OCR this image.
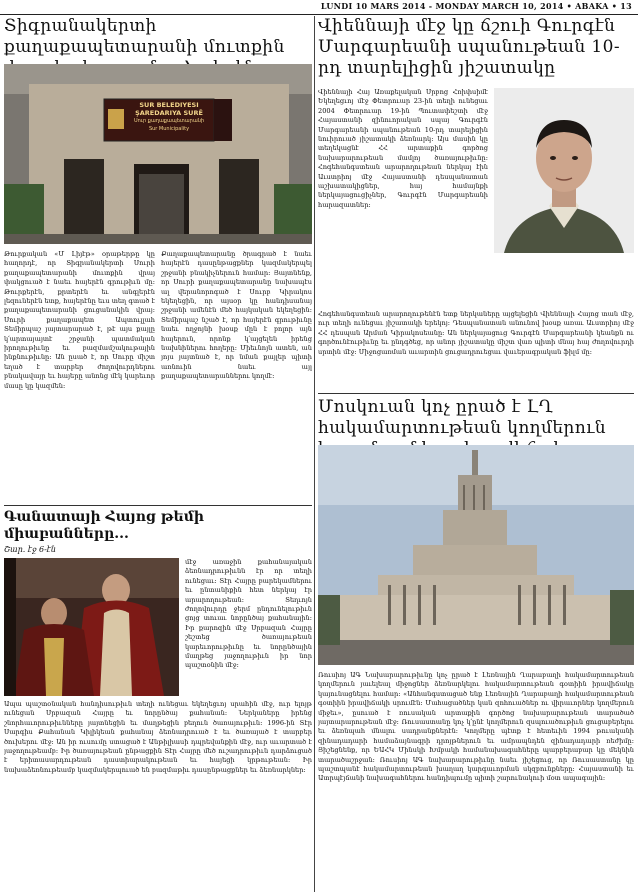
LUNDI 10 MARS 2014 - MONDAY MARCH 10, 2014 • ABAKA • 13
Տիգրանակերտի քաղաքապետարանի մուտքին
SUR BELEDIYESI
ŞAREDARIYA SURÊ
Սուր քաղաքապետարանի
Sur Municipality
Թուրքական «Մ Լիյէթ» օրաթերթը կը հաղորդէ, որ Տիգրանակերտի Սուրի քաղաքապետարանի մուտքին վրայ փակցուած է նաեւ հայերէն գրութիւն մը։ Թուրքերէն, քրտերէն եւ անգլերէն լեզուներէն ետք, հայերէնը եւս տեղ գտած է քաղաքապետարանի ցուցանակին վրայ։ Սուրի քաղաքապետ Ապտուլլահ Տեմիրպաշ յայտարարած է, թէ այս քայլը կ՛արտայայտէ շրջանի պատմական իրողութիւնը եւ բազմամշակութային ինքնութիւնը։ Ան ըսած է, որ Սուրը միշտ եղած է տարբեր ժողովուրդներու բնակավայր եւ հայերը անոնց մէկ կարեւոր մասը կը կազմեն։
Քաղաքապետարանը ծրագրած է նաեւ հայերէն դասընթացքներ կազմակերպել շրջանի բնակիչներուն համար։ Յայտնենք, որ Սուրի քաղաքապետարանը նախապէս ալ վերանորոգած է Սուրբ Կիրակոս եկեղեցին, որ այսօր կը հանդիսանայ շրջանի ամենէն մեծ հայկական եկեղեցին։ Տեմիրպաշ նշած է, որ հայերէն գրութիւնը նաեւ ողջոյնի խօսք մըն է բոլոր այն հայերուն, որոնք կ՛այցելեն իրենց նախնիներու հողերը։ Միեւնոյն ատեն, ան յոյս յայտնած է, որ նման քայլեր պիտի առնուին նաեւ այլ քաղաքապետարաններու կողմէ։
Գանատայի Հայոց թեմի միաբանները...
Շար. էջ 6-էն
մէջ առաջին քահանայական ձեռնադրութիւնն էր որ տեղի ունեցաւ։ Տէր Հայրը բարեկամներու եւ ընտանիքին հետ ներկայ էր արարողութեան։ Տեղւոյն ժողովուրդը ջերմ ընդունելութիւն ցոյց տուաւ նորընծայ քահանային։ Իր քարոզին մէջ Սրբազան Հայրը շեշտեց ծառայութեան կարեւորութիւնը եւ նորընծային մաղթեց յաջողութիւն իր նոր պաշտօնին մէջ։
Ապա պաշտօնական հանդիսութիւն տեղի ունեցաւ եկեղեցւոյ սրահին մէջ, ուր ելոյթ ունեցան Սրբազան Հայրը եւ նորընծայ քահանան։ Ներկաները իրենց շնորհաւորութիւնները յայտնեցին եւ մաղթեցին բեղուն ծառայութիւն։ 1996-ին Տէր Սարգիս Քահանան Կիլիկեան քահանայ ձեռնադրուած է եւ ծառայած է տարբեր ծուխերու մէջ։ Ան իր ուսումը ստացած է Անթիլիասի դպրեվանքին մէջ, ուր աւարտած է յաջողութեամբ։ Իր ծառայութեան ընթացքին Տէր Հայրը մեծ ուշադրութիւն դարձուցած է երիտասարդութեան դաստիարակութեան եւ հայեցի կրթութեան։ Իր նախաձեռնութեամբ կազմակերպուած են բազմաթիւ դասընթացքներ եւ ձեռնարկներ։
Վիեննայի մէջ կը ճշուի Գուրգէն Մարգարեանի սպանութեան 10-րդ տարելիցին յիշատակը
Վիեննայի Հայ Առաքելական Սրբոց Հռիփսիմէ Եկեղեցւոյ մէջ Փետրուար 23-ին տեղի ունեցաւ 2004 Փետրուար 19-ին Պուտափեշտի մէջ Հայաստանի զինուորական սպայ Գուրգէն Մարգարեանի սպանութեան 10-րդ տարելիցին նուիրուած յիշատակի ձեռնարկ։ Այս մասին կը տեղեկացնէ ՀՀ արտաքին գործոց նախարարութեան մամլոյ ծառայութիւնը։ Հոգեհանգստեան արարողութեան ներկայ էին Աւստրիոյ մէջ Հայաստանի դեսպանատան աշխատակիցներ, հայ համայնքի ներկայացուցիչներ, Գուրգէն Մարգարեանի հարազատներ։
Հոգեհանգստեան արարողութենէն ետք ներկաները այցելեցին Վիեննայի Հայոց տան մէջ, ուր տեղի ունեցաւ յիշատակի երեկոյ։ Դեսպանատան անունով խօսք առաւ Աւստրիոյ մէջ ՀՀ դեսպան Արման Կիրակոսեանը։ Ան ներկայացուց Գուրգէն Մարգարեանի կեանքն ու գործունէութիւնը եւ ընդգծեց, որ անոր յիշատակը միշտ վառ պիտի մնայ հայ ժողովուրդի սրտին մէջ։ Միջոցառման աւարտին ցուցադրուեցաւ վաւերագրական ֆիլմ մը։
Մոսկուան կոչ ըրած է ԼՂ հակամարտութեան կողմերուն
Ռուսիոյ ԱԳ Նախարարութիւնը կոչ ըրած է Լեռնային Ղարաբաղի հակամարտութեան կողմերուն յաւելեալ միջոցներ ձեռնարկելու հակամարտութեան գօտիին իրավիճակը կայունացնելու համար։ «Անհանգստացած ենք Լեռնային Ղարաբաղի հակամարտութեան գօտիին իրավիճակի սրումէն։ Մահացածներ կան զոհուածներ ու վիրաւորներ կողմերուն միջեւ», ըսուած է ռուսական արտաքին գործոց նախարարութեան տարածած յայտարարութեան մէջ։ Ռուսաստանը կոչ կ՛ընէ կողմերուն զսպուածութիւն ցուցաբերելու եւ ձեռնպահ մնալու սադրանքներէն։ Կողմերը պէտք է հետեւին 1994 թուականի զինադադարի համաձայնագրի դրոյթներուն եւ ամրապնդեն զինադադարի ռեժիմը։ Յիշեցնենք, որ ԵԱՀԿ Մինսկի Խմբակի համանախագահները պարբերաբար կը մեկնին տարածաշրջան։ Ռուսիոյ ԱԳ նախարարութիւնը նաեւ յիշեցուց, որ Ռուսաստանը կը պաշտպանէ հակամարտութեան խաղաղ կարգաւորման սկզբունքները։ Հայաստանի եւ Ատրպէյճանի նախագահներու հանդիպումը պիտի շարունակուի մօտ ապագային։
